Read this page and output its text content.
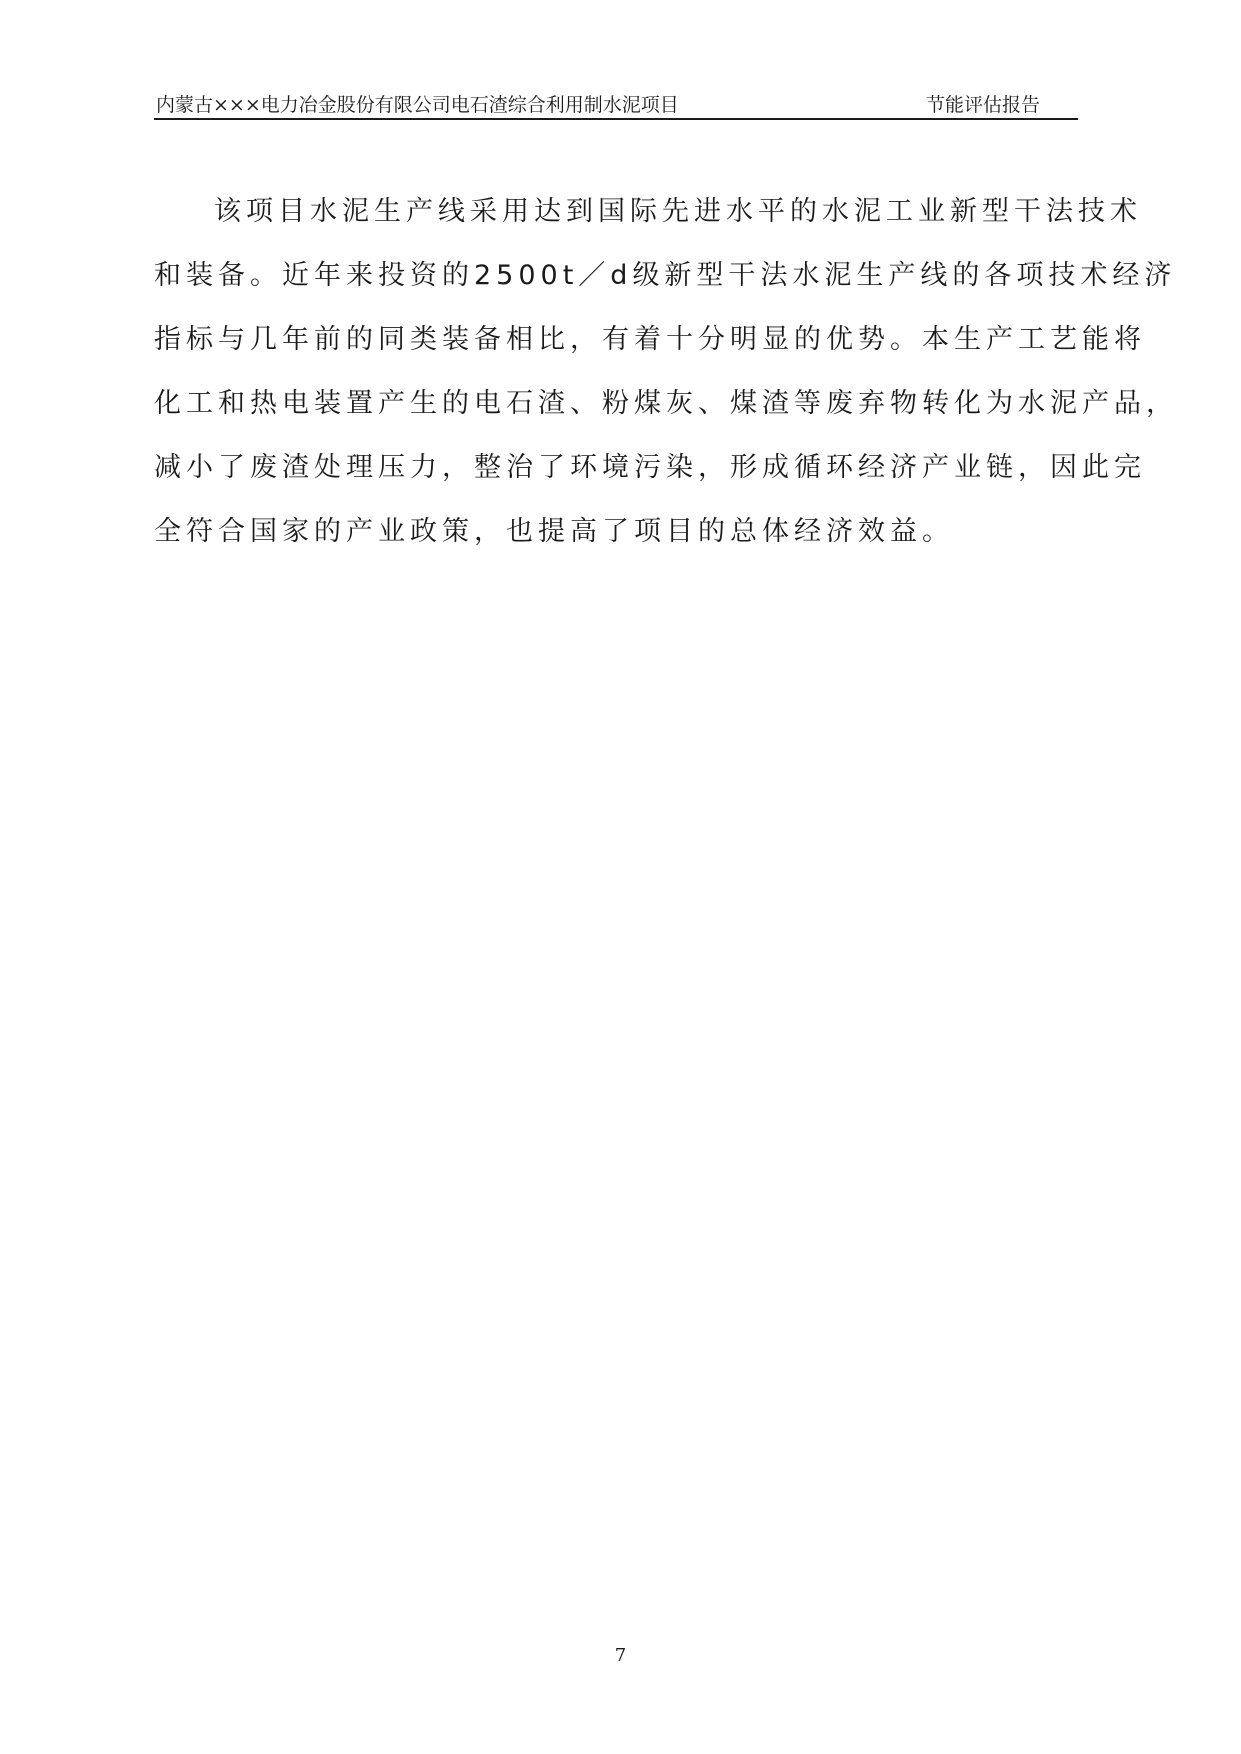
内蒙古×××电力冶金股份有限公司电石渣综合利用制水泥项目	节能评估报告
该项目水泥生产线采用达到国际先进水平的水泥工业新型干法技术
和装备。近年来投资的2500t／d级新型干法水泥生产线的各项技术经济
指标与几年前的同类装备相比，有着十分明显的优势。本生产工艺能将
化工和热电装置产生的电石渣、粉煤灰、煤渣等废弃物转化为水泥产品，
减小了废渣处理压力，整治了环境污染，形成循环经济产业链，因此完
全符合国家的产业政策，也提高了项目的总体经济效益。
7
